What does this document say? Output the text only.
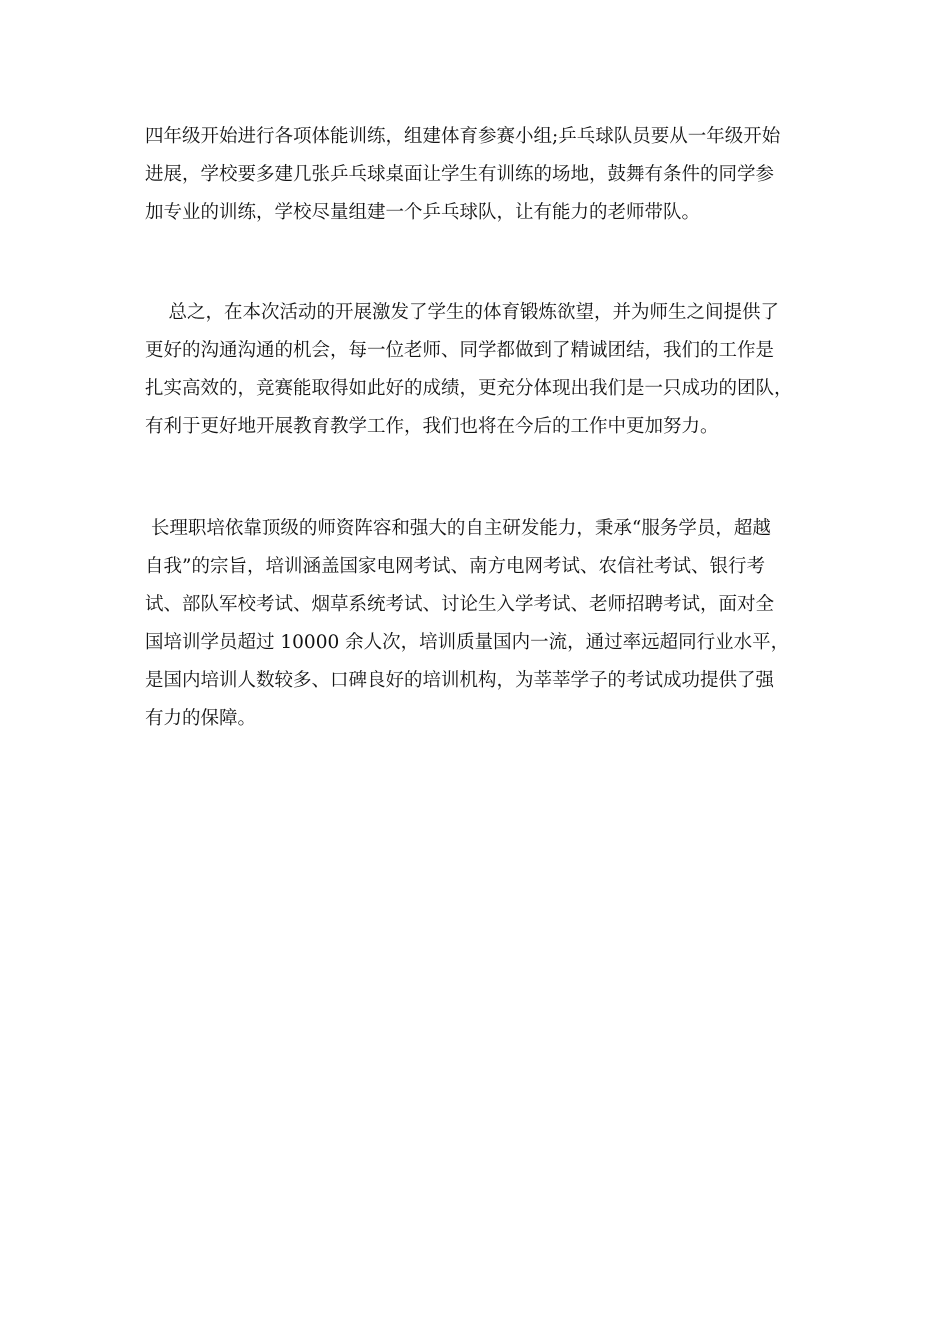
四年级开始进行各项体能训练，组建体育参赛小组;乒乓球队员要从一年级开始
进展，学校要多建几张乒乓球桌面让学生有训练的场地，鼓舞有条件的同学参
加专业的训练，学校尽量组建一个乒乓球队，让有能力的老师带队。

总之，在本次活动的开展激发了学生的体育锻炼欲望，并为师生之间提供了
更好的沟通沟通的机会，每一位老师、同学都做到了精诚团结，我们的工作是
扎实高效的，竞赛能取得如此好的成绩，更充分体现出我们是一只成功的团队，
有利于更好地开展教育教学工作，我们也将在今后的工作中更加努力。

长理职培依靠顶级的师资阵容和强大的自主研发能力，秉承“服务学员，超越
自我”的宗旨，培训涵盖国家电网考试、南方电网考试、农信社考试、银行考
试、部队军校考试、烟草系统考试、讨论生入学考试、老师招聘考试，面对全
国培训学员超过 10000 余人次，培训质量国内一流，通过率远超同行业水平，
是国内培训人数较多、口碑良好的培训机构，为莘莘学子的考试成功提供了强
有力的保障。
